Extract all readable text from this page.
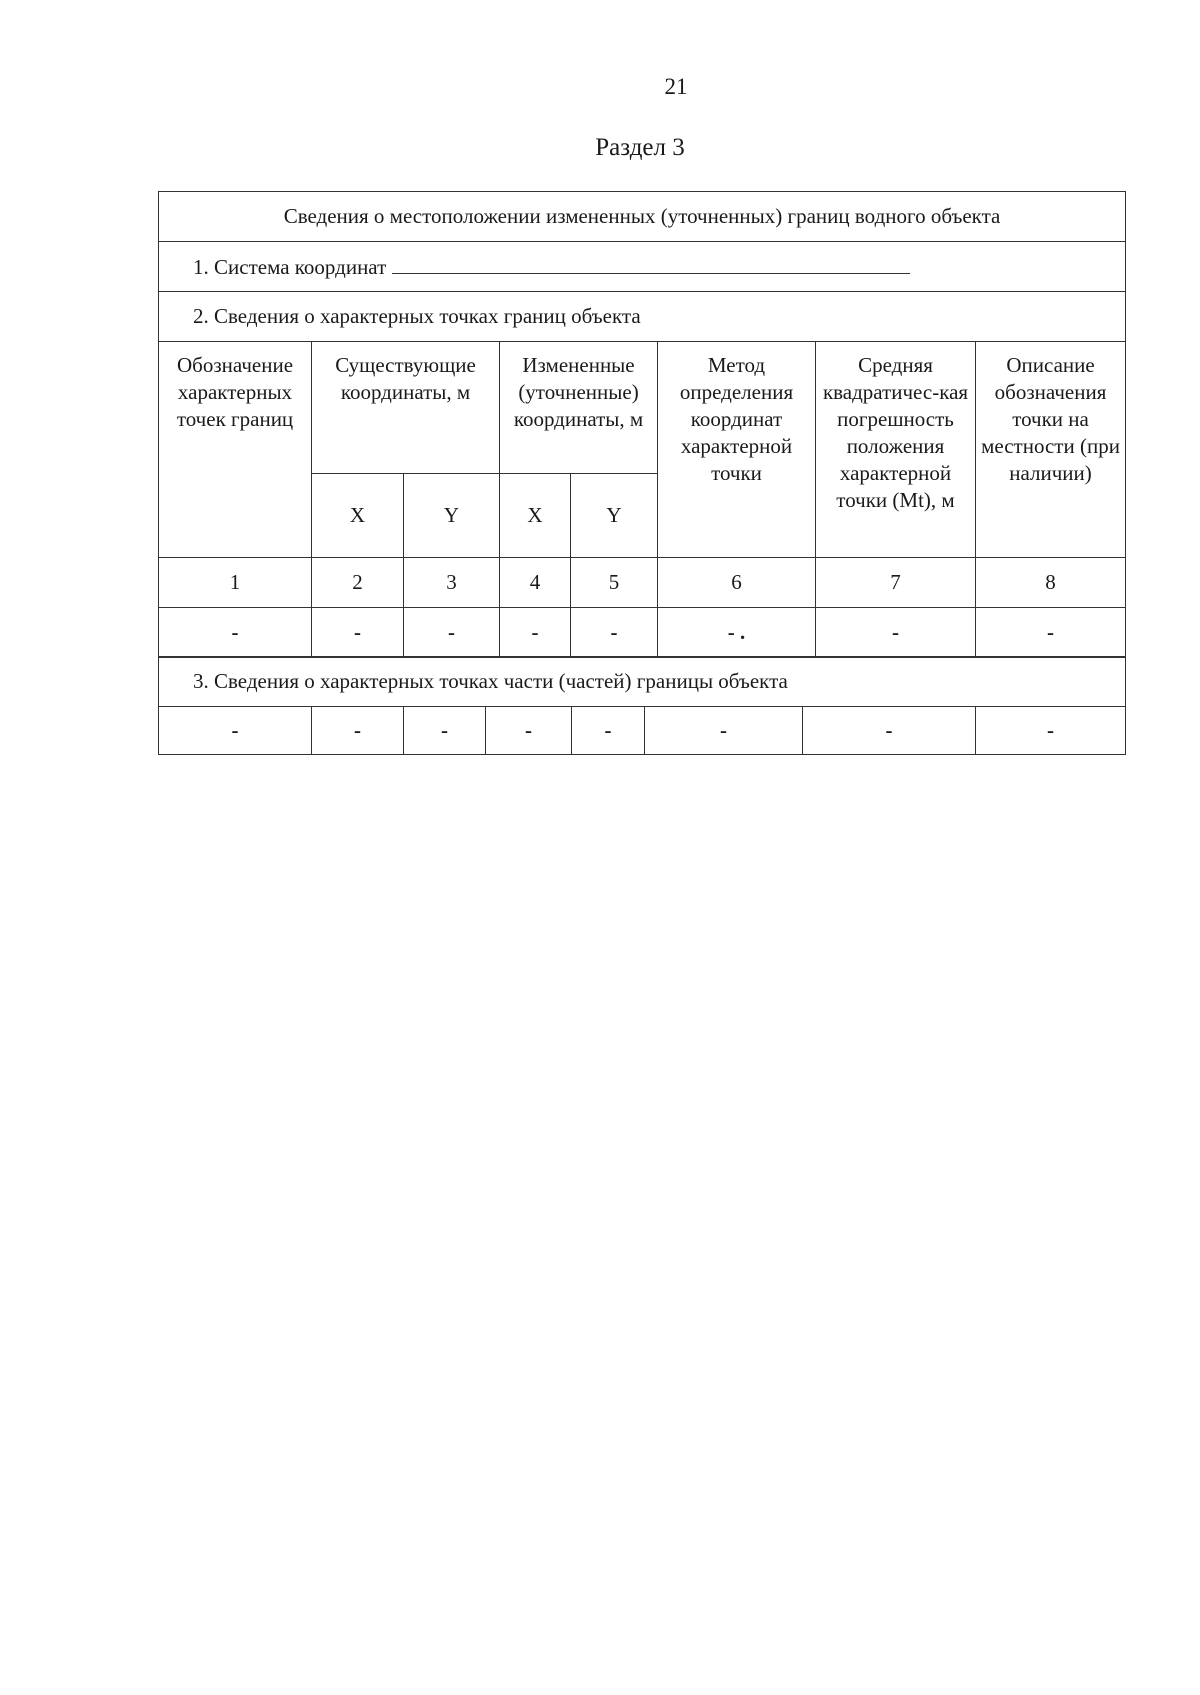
21
Раздел 3
Сведения о местоположении измененных (уточненных) границ водного объекта							
1. Система координат							
2. Сведения о характерных точках границ объекта							
Обозначение характерных точек границ	Существующие координаты, м		Измененные (уточненные) координаты, м		Метод определения координат характерной точки	Средняя квадратичес-кая погрешность положения характерной точки (Mt), м	Описание обозначения точки на местности (при наличии)
	X	Y	X	Y			
1	2	3	4	5	6	7	8
-	-	-	-	-	- .	-	-
3. Сведения о характерных точках части (частей) границы объекта
-	-	-	-	-	-	-	-
